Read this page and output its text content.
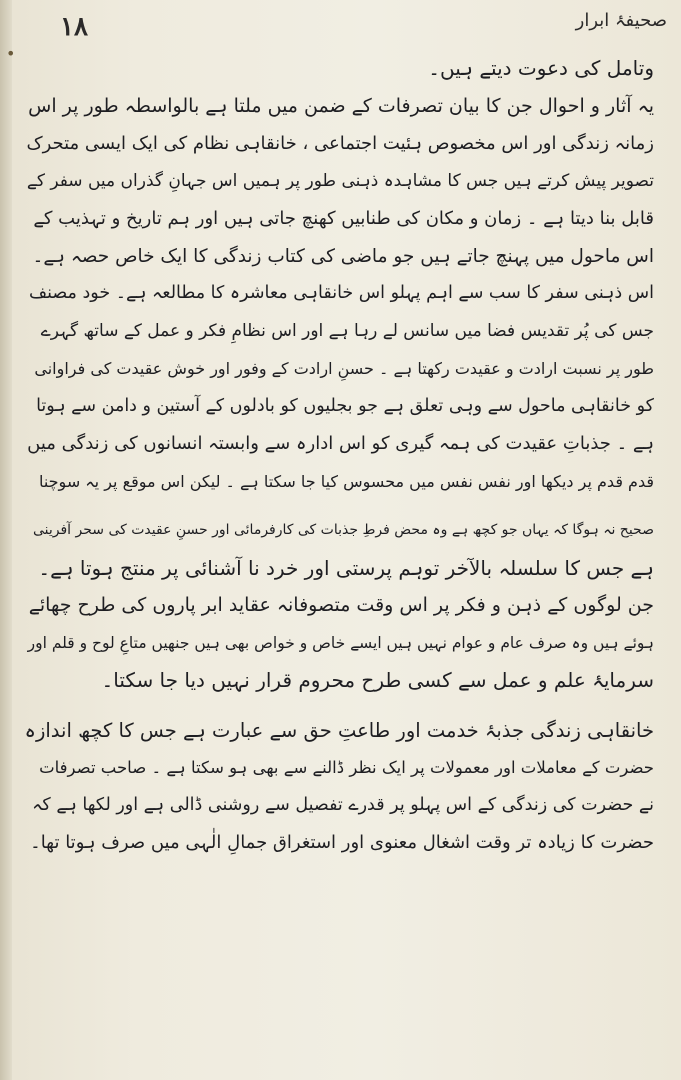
•
۱۸	صحیفۂ ابرار
وتامل کی دعوت دیتے ہیں۔
یہ آثار و احوال جن کا بیان تصرفات کے ضمن میں ملتا ہے بالواسطہ طور پر اس
زمانہ زندگی اور اس مخصوص ہئیت اجتماعی ، خانقاہی نظام کی ایک ایسی متحرک
تصویر پیش کرتے ہیں جس کا مشاہدہ ذہنی طور پر ہمیں اس جہانِ گذراں میں سفر کے
قابل بنا دیتا ہے ۔ زمان و مکان کی طنابیں کھنچ جاتی ہیں اور ہم تاریخ و تہذیب کے
اس ماحول میں پہنچ جاتے ہیں جو ماضی کی کتاب زندگی کا ایک خاص حصہ ہے۔
اس ذہنی سفر کا سب سے اہم پہلو اس خانقاہی معاشرہ کا مطالعہ ہے۔ خود مصنف
جس کی پُر تقدیس فضا میں سانس لے رہا ہے اور اس نظامِ فکر و عمل کے ساتھ گہرے
طور پر نسبت ارادت و عقیدت رکھتا ہے ۔ حسنِ ارادت کے وفور اور خوش عقیدت کی فراوانی
کو خانقاہی ماحول سے وہی تعلق ہے جو بجلیوں کو بادلوں کے آستین و دامن سے ہوتا
ہے ۔ جذباتِ عقیدت کی ہمہ گیری کو اس ادارہ سے وابستہ انسانوں کی زندگی میں
قدم قدم پر دیکھا اور نفس نفس میں محسوس کیا جا سکتا ہے ۔ لیکن اس موقع پر یہ سوچنا
صحیح نہ ہوگا کہ یہاں جو کچھ ہے وہ محض فرطِ جذبات کی کارفرمائی اور حسنِ عقیدت کی سحر آفرینی
ہے جس کا سلسلہ بالآخر توہم پرستی اور خرد نا آشنائی پر منتج ہوتا ہے۔
جن لوگوں کے ذہن و فکر پر اس وقت متصوفانہ عقاید ابر پاروں کی طرح چھائے
ہوئے ہیں وہ صرف عام و عوام نہیں ہیں ایسے خاص و خواص بھی ہیں جنھیں متاعِ لوح و قلم اور
سرمایۂ علم و عمل سے کسی طرح محروم قرار نہیں دیا جا سکتا۔
خانقاہی زندگی جذبۂ خدمت اور طاعتِ حق سے عبارت ہے جس کا کچھ اندازہ
حضرت کے معاملات اور معمولات پر ایک نظر ڈالنے سے بھی ہو سکتا ہے ۔ صاحب تصرفات
نے حضرت کی زندگی کے اس پہلو پر قدرے تفصیل سے روشنی ڈالی ہے اور لکھا ہے کہ
حضرت کا زیادہ تر وقت اشغال معنوی اور استغراق جمالِ الٰہی میں صرف ہوتا تھا۔
